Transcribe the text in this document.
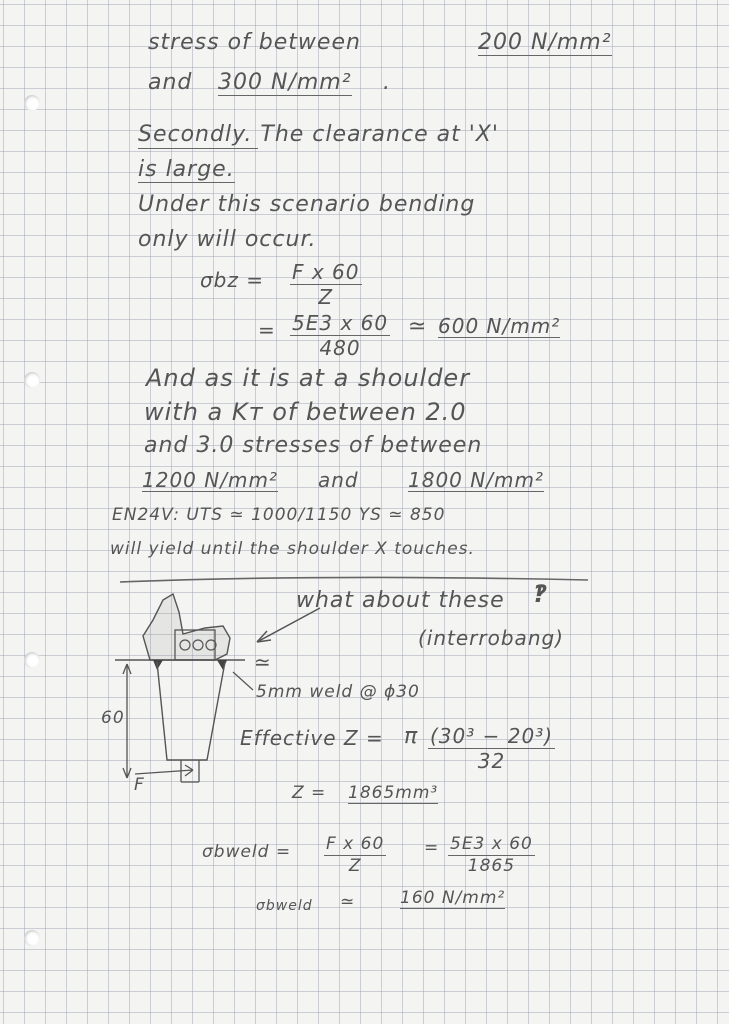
stress of between	200 N/mm²
and 300 N/mm² .
Secondly. The clearance at 'X'
is large.
Under this scenario bending
only will occur.
$\sigma bz = \frac{\text{F x 60}}{Z}$
= $\frac{5E3 x 60}{480}$ ≃ 600 N/mm²
And as it is at a shoulder
with a Kᴛ of between 2.0
and 3.0 stresses of between
1200 N/mm² and 1800 N/mm²
EN24V: UTS ≃ 1000/1150 YS ≃ 850
will yield until the shoulder X touches.
what about these ‽
(interrobang)
≃
5mm weld @ ϕ30
60
F
Effective Z = π $\frac{\text{(30³ − 20³)}}{32}$
Z = 1865mm³
σbweld = $\frac{\text{F x 60}}{Z} = \frac{5E3 x 60}{1865}$
σbweld ≃	160 N/mm²
